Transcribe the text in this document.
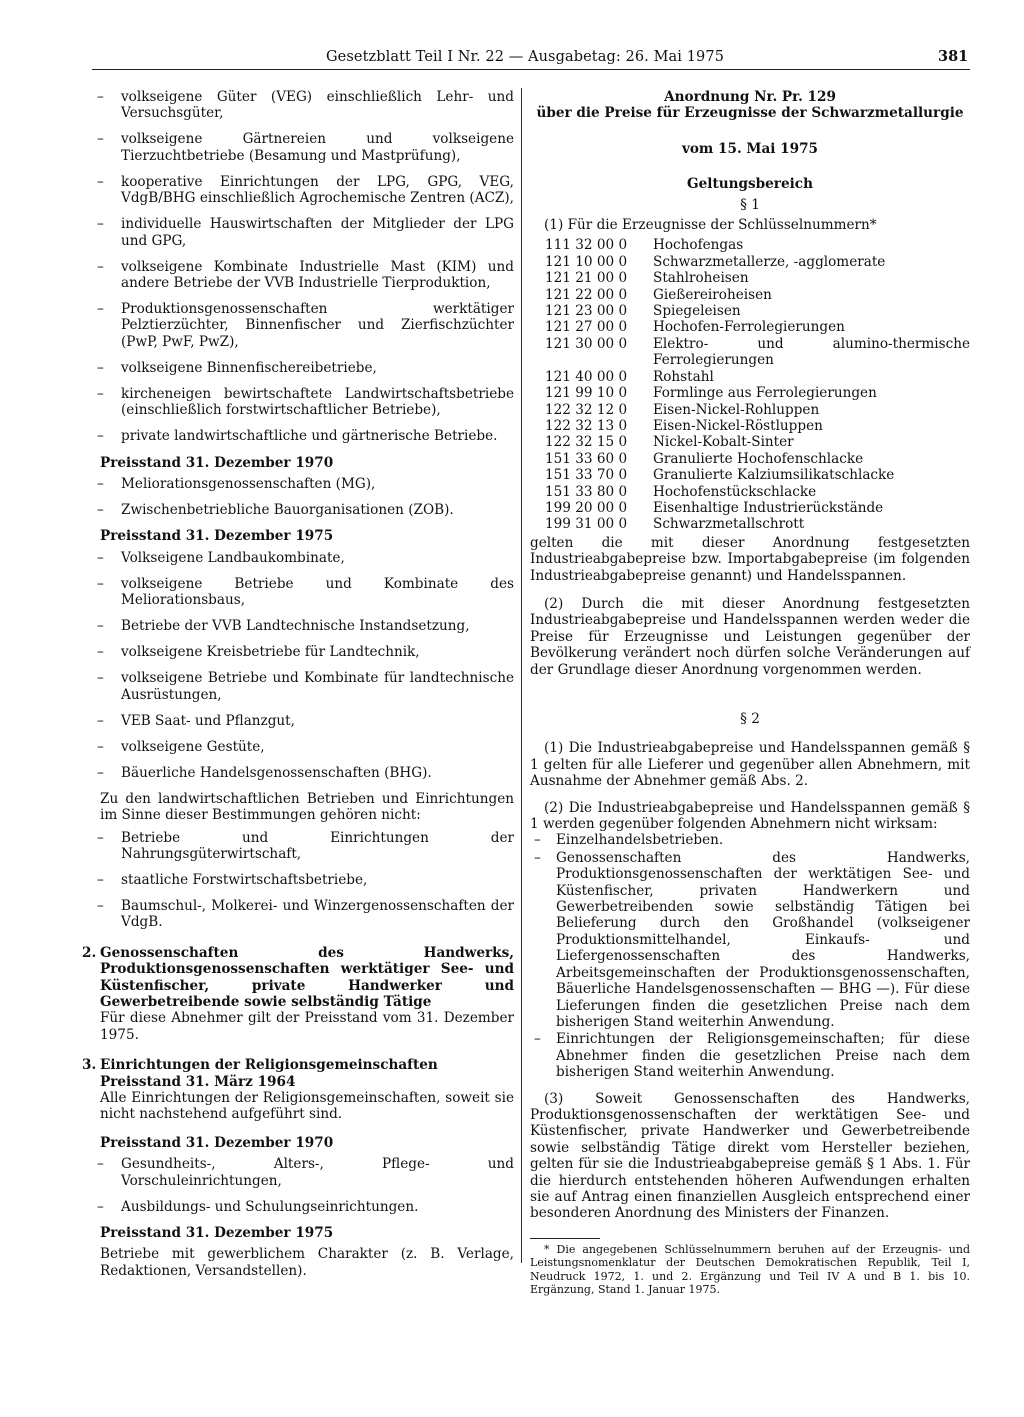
Gesetzblatt Teil I Nr. 22 — Ausgabetag: 26. Mai 1975	381
– volkseigene Güter (VEG) einschließlich Lehr- und Versuchsgüter,
– volkseigene Gärtnereien und volkseigene Tierzuchtbetriebe (Besamung und Mastprüfung),
– kooperative Einrichtungen der LPG, GPG, VEG, VdgB/BHG einschließlich Agrochemische Zentren (ACZ),
– individuelle Hauswirtschaften der Mitglieder der LPG und GPG,
– volkseigene Kombinate Industrielle Mast (KIM) und andere Betriebe der VVB Industrielle Tierproduktion,
– Produktionsgenossenschaften werktätiger Pelztierzüchter, Binnenfischer und Zierfischzüchter (PwP, PwF, PwZ),
– volkseigene Binnenfischereibetriebe,
– kircheneigen bewirtschaftete Landwirtschaftsbetriebe (einschließlich forstwirtschaftlicher Betriebe),
– private landwirtschaftliche und gärtnerische Betriebe.
Preisstand 31. Dezember 1970
– Meliorationsgenossenschaften (MG),
– Zwischenbetriebliche Bauorganisationen (ZOB).
Preisstand 31. Dezember 1975
– Volkseigene Landbaukombinate,
– volkseigene Betriebe und Kombinate des Meliorationsbaus,
– Betriebe der VVB Landtechnische Instandsetzung,
– volkseigene Kreisbetriebe für Landtechnik,
– volkseigene Betriebe und Kombinate für landtechnische Ausrüstungen,
– VEB Saat- und Pflanzgut,
– volkseigene Gestüte,
– Bäuerliche Handelsgenossenschaften (BHG).

Zu den landwirtschaftlichen Betrieben und Einrichtungen im Sinne dieser Bestimmungen gehören nicht:

– Betriebe und Einrichtungen der Nahrungsgüterwirtschaft,
– staatliche Forstwirtschaftsbetriebe,
– Baumschul-, Molkerei- und Winzergenossenschaften der VdgB.
2. Genossenschaften des Handwerks, Produktionsgenossenschaften werktätiger See- und Küstenfischer, private Handwerker und Gewerbetreibende sowie selbständig Tätige

Für diese Abnehmer gilt der Preisstand vom 31. Dezember 1975.

3. Einrichtungen der Religionsgemeinschaften

Preisstand 31. März 1964

Alle Einrichtungen der Religionsgemeinschaften, soweit sie nicht nachstehend aufgeführt sind.

Preisstand 31. Dezember 1970
– Gesundheits-, Alters-, Pflege- und Vorschuleinrichtungen,
– Ausbildungs- und Schulungseinrichtungen.
Preisstand 31. Dezember 1975

Betriebe mit gewerblichem Charakter (z. B. Verlage, Redaktionen, Versandstellen).

Anordnung Nr. Pr. 129
über die Preise für Erzeugnisse der Schwarzmetallurgie
vom 15. Mai 1975
Geltungsbereich
§ 1

(1) Für die Erzeugnisse der Schlüsselnummern*

111 32 00 0	Hochofengas
121 10 00 0	Schwarzmetallerze, -agglomerate
121 21 00 0	Stahlroheisen
121 22 00 0	Gießereiroheisen
121 23 00 0	Spiegeleisen
121 27 00 0	Hochofen-Ferrolegierungen
121 30 00 0	Elektro- und alumino-thermische Ferrolegierungen
121 40 00 0	Rohstahl
121 99 10 0	Formlinge aus Ferrolegierungen
122 32 12 0	Eisen-Nickel-Rohluppen
122 32 13 0	Eisen-Nickel-Röstluppen
122 32 15 0	Nickel-Kobalt-Sinter
151 33 60 0	Granulierte Hochofenschlacke
151 33 70 0	Granulierte Kalziumsilikatschlacke
151 33 80 0	Hochofenstückschlacke
199 20 00 0	Eisenhaltige Industrierückstände
199 31 00 0	Schwarzmetallschrott

gelten die mit dieser Anordnung festgesetzten Industrieabgabepreise bzw. Importabgabepreise (im folgenden Industrieabgabepreise genannt) und Handelsspannen.

(2) Durch die mit dieser Anordnung festgesetzten Industrieabgabepreise und Handelsspannen werden weder die Preise für Erzeugnisse und Leistungen gegenüber der Bevölkerung verändert noch dürfen solche Veränderungen auf der Grundlage dieser Anordnung vorgenommen werden.

§ 2

(1) Die Industrieabgabepreise und Handelsspannen gemäß § 1 gelten für alle Lieferer und gegenüber allen Abnehmern, mit Ausnahme der Abnehmer gemäß Abs. 2.

(2) Die Industrieabgabepreise und Handelsspannen gemäß § 1 werden gegenüber folgenden Abnehmern nicht wirksam:

– Einzelhandelsbetrieben.
– Genossenschaften des Handwerks, Produktionsgenossenschaften der werktätigen See- und Küstenfischer, privaten Handwerkern und Gewerbetreibenden sowie selbständig Tätigen bei Belieferung durch den Großhandel (volkseigener Produktionsmittelhandel, Einkaufs- und Liefergenossenschaften des Handwerks, Arbeitsgemeinschaften der Produktionsgenossenschaften, Bäuerliche Handelsgenossenschaften — BHG —). Für diese Lieferungen finden die gesetzlichen Preise nach dem bisherigen Stand weiterhin Anwendung.
– Einrichtungen der Religionsgemeinschaften; für diese Abnehmer finden die gesetzlichen Preise nach dem bisherigen Stand weiterhin Anwendung.

(3) Soweit Genossenschaften des Handwerks, Produktionsgenossenschaften der werktätigen See- und Küstenfischer, private Handwerker und Gewerbetreibende sowie selbständig Tätige direkt vom Hersteller beziehen, gelten für sie die Industrieabgabepreise gemäß § 1 Abs. 1. Für die hierdurch entstehenden höheren Aufwendungen erhalten sie auf Antrag einen finanziellen Ausgleich entsprechend einer besonderen Anordnung des Ministers der Finanzen.

* Die angegebenen Schlüsselnummern beruhen auf der Erzeugnis- und Leistungsnomenklatur der Deutschen Demokratischen Republik, Teil I, Neudruck 1972, 1. und 2. Ergänzung und Teil IV A und B 1. bis 10. Ergänzung, Stand 1. Januar 1975.
